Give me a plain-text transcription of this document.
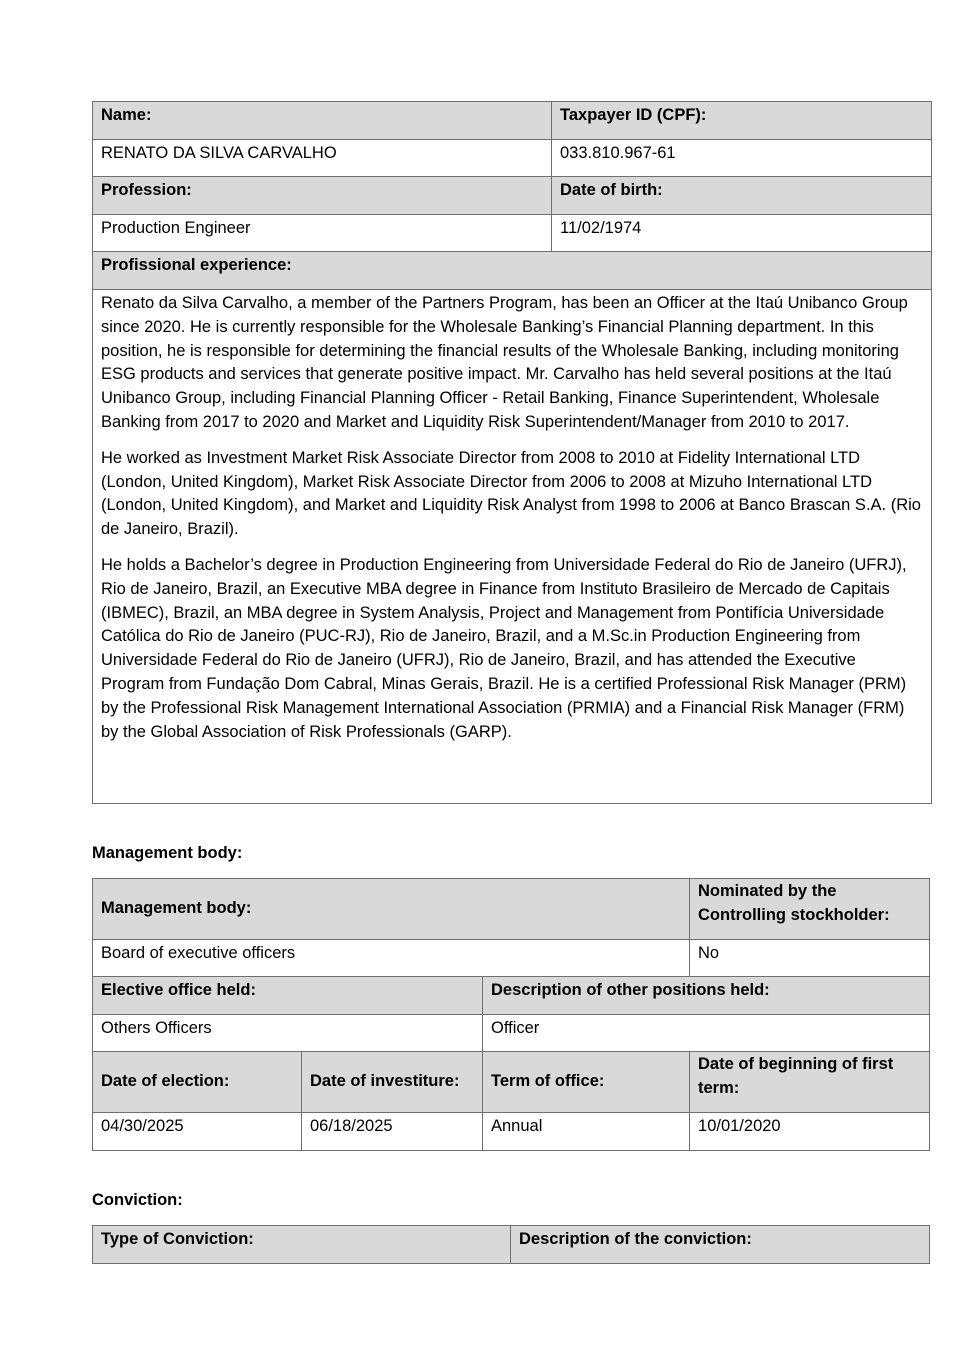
Name:	Taxpayer ID (CPF):
RENATO DA SILVA CARVALHO	033.810.967-61
Profession:	Date of birth:
Production Engineer	11/02/1974
Profissional experience:	

Renato da Silva Carvalho, a member of the Partners Program, has been an Officer at the Itaú Unibanco Group since 2020. He is currently responsible for the Wholesale Banking’s Financial Planning department. In this position, he is responsible for determining the financial results of the Wholesale Banking, including monitoring ESG products and services that generate positive impact. Mr. Carvalho has held several positions at the Itaú Unibanco Group, including Financial Planning Officer - Retail Banking, Finance Superintendent, Wholesale Banking from 2017 to 2020 and Market and Liquidity Risk Superintendent/Manager from 2010 to 2017.

He worked as Investment Market Risk Associate Director from 2008 to 2010 at Fidelity International LTD (London, United Kingdom), Market Risk Associate Director from 2006 to 2008 at Mizuho International LTD (London, United Kingdom), and Market and Liquidity Risk Analyst from 1998 to 2006 at Banco Brascan S.A. (Rio de Janeiro, Brazil).

He holds a Bachelor’s degree in Production Engineering from Universidade Federal do Rio de Janeiro (UFRJ), Rio de Janeiro, Brazil, an Executive MBA degree in Finance from Instituto Brasileiro de Mercado de Capitais (IBMEC), Brazil, an MBA degree in System Analysis, Project and Management from Pontifícia Universidade Católica do Rio de Janeiro (PUC-RJ), Rio de Janeiro, Brazil, and a M.Sc.in Production Engineering from Universidade Federal do Rio de Janeiro (UFRJ), Rio de Janeiro, Brazil, and has attended the Executive Program from Fundação Dom Cabral, Minas Gerais, Brazil. He is a certified Professional Risk Manager (PRM) by the Professional Risk Management International Association (PRMIA) and a Financial Risk Manager (FRM) by the Global Association of Risk Professionals (GARP).	

Management body:

Management body:			Nominated by the Controlling stockholder:
Board of executive officers			No
Elective office held:		Description of other positions held:	
Others Officers		Officer	
Date of election:	Date of investiture:	Term of office:	Date of beginning of first term:
04/30/2025	06/18/2025	Annual	10/01/2020

Conviction:

Type of Conviction:	Description of the conviction:
